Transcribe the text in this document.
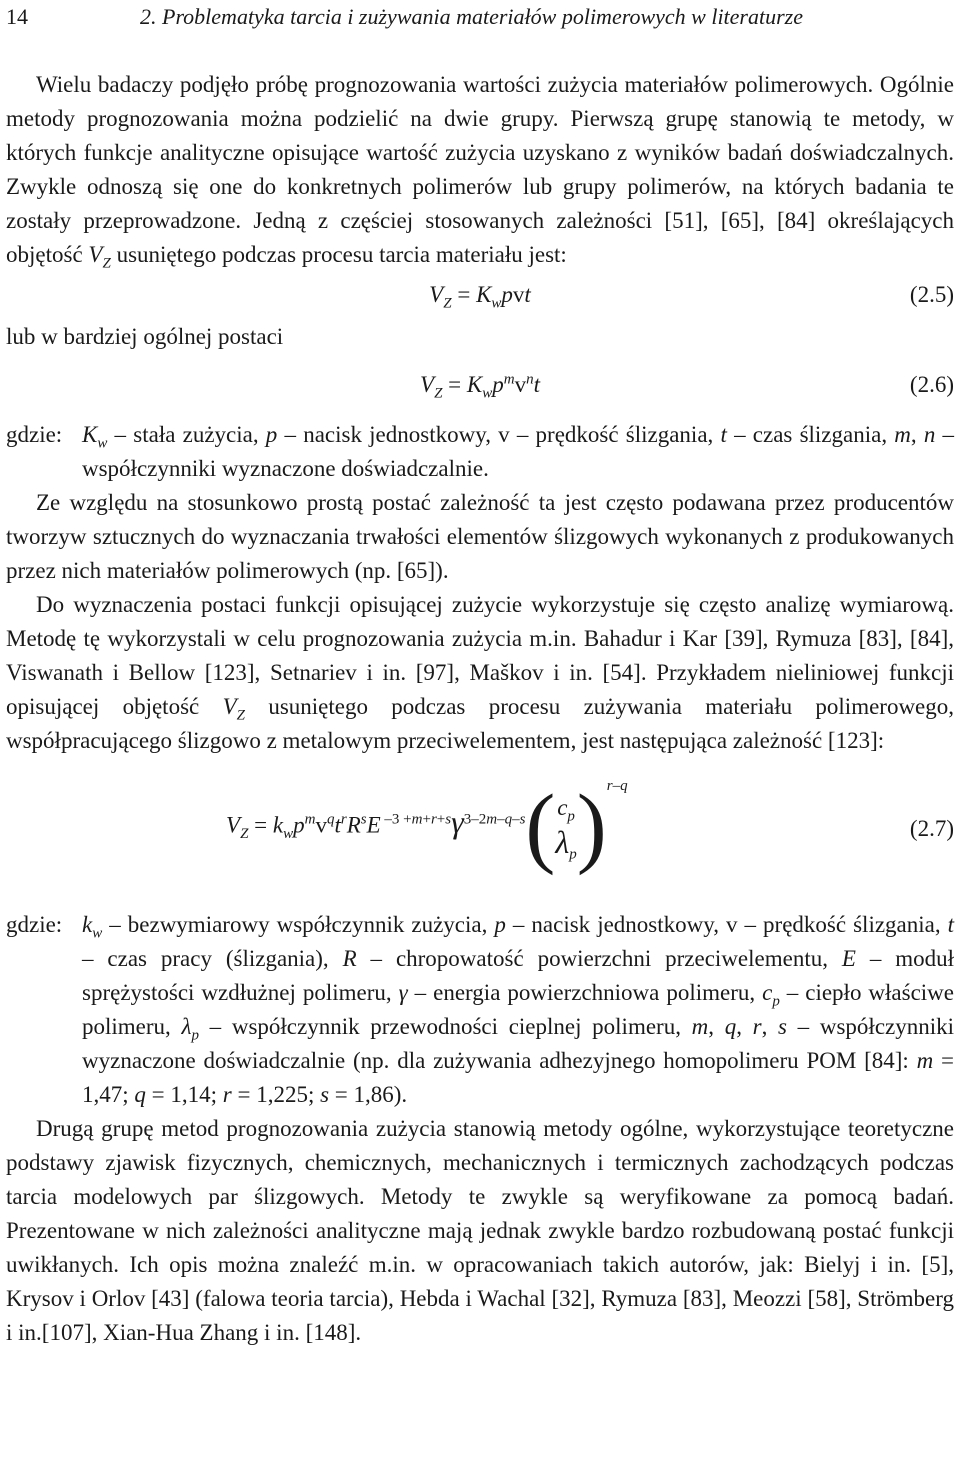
14	2. Problematyka tarcia i zużywania materiałów polimerowych w literaturze

Wielu badaczy podjęło próbę prognozowania wartości zużycia materiałów polimerowych. Ogólnie metody prognozowania można podzielić na dwie grupy. Pierwszą grupę stanowią te metody, w których funkcje analityczne opisujące wartość zużycia uzyskano z wyników badań doświadczalnych. Zwykle odnoszą się one do konkretnych polimerów lub grupy polimerów, na których badania te zostały przeprowadzone. Jedną z częściej stosowanych zależności [51], [65], [84] określających objętość $V_Z$ usuniętego podczas procesu tarcia materiału jest:

$V_Z = K_wpvt$	(2.5)

lub w bardziej ogólnej postaci

$V_Z = K_wp^mv^nt$	(2.6)
gdzie: $K_w$ – stała zużycia, p – nacisk jednostkowy, v – prędkość ślizgania, t – czas ślizgania, m, n – współczynniki wyznaczone doświadczalnie.

Ze względu na stosunkowo prostą postać zależność ta jest często podawana przez producentów tworzyw sztucznych do wyznaczania trwałości elementów ślizgowych wykonanych z produkowanych przez nich materiałów polimerowych (np. [65]).

Do wyznaczenia postaci funkcji opisującej zużycie wykorzystuje się często analizę wymiarową. Metodę tę wykorzystali w celu prognozowania zużycia m.in. Bahadur i Kar [39], Rymuza [83], [84], Viswanath i Bellow [123], Setnariev i in. [97], Maškov i in. [54]. Przykładem nieliniowej funkcji opisującej objętość $V_Z$ usuniętego podczas procesu zużywania materiału polimerowego, współpracującego ślizgowo z metalowym przeciwelementem, jest następująca zależność [123]:

$V_Z = k_wp^mv^qt^rR^sE$ $^{-3 +m+r+s}\gamma^{3-2m-q-s}$( $c_p$
$\lambda_p$ )$^{r-q}$
(2.7)
gdzie: $k_w$ – bezwymiarowy współczynnik zużycia, p – nacisk jednostkowy, v – prędkość ślizgania, t – czas pracy (ślizgania), R – chropowatość powierzchni przeciwelementu, E – moduł sprężystości wzdłużnej polimeru, γ – energia powierzchniowa polimeru, $c_p$ – ciepło właściwe polimeru, $\lambda_p$ – współczynnik przewodności cieplnej polimeru, m, q, r, s – współczynniki wyznaczone doświadczalnie (np. dla zużywania adhezyjnego homopolimeru POM [84]: m = 1,47; q = 1,14; r = 1,225; s = 1,86).

Drugą grupę metod prognozowania zużycia stanowią metody ogólne, wykorzystujące teoretyczne podstawy zjawisk fizycznych, chemicznych, mechanicznych i termicznych zachodzących podczas tarcia modelowych par ślizgowych. Metody te zwykle są weryfikowane za pomocą badań. Prezentowane w nich zależności analityczne mają jednak zwykle bardzo rozbudowaną postać funkcji uwikłanych. Ich opis można znaleźć m.in. w opracowaniach takich autorów, jak: Bielyj i in. [5], Krysov i Orlov [43] (falowa teoria tarcia), Hebda i Wachal [32], Rymuza [83], Meozzi [58], Strömberg i in.[107], Xian-Hua Zhang i in. [148].
